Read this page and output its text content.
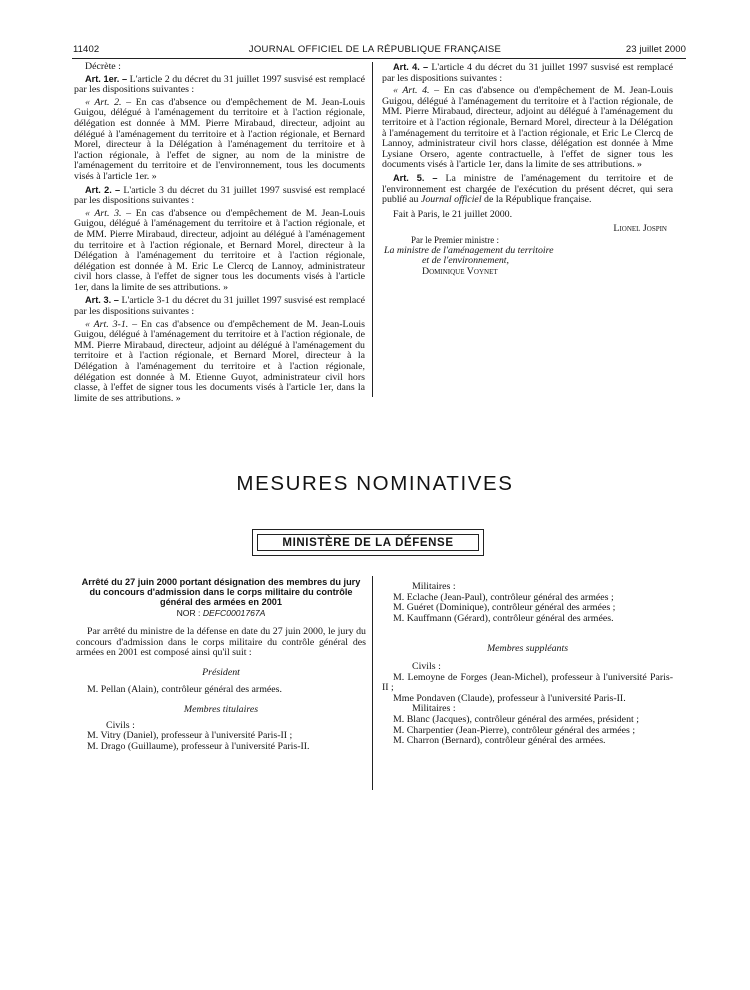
11402	JOURNAL OFFICIEL DE LA RÉPUBLIQUE FRANÇAISE	23 juillet 2000

Décrète :

Art. 1er. – L'article 2 du décret du 31 juillet 1997 susvisé est remplacé par les dispositions suivantes :

« Art. 2. – En cas d'absence ou d'empêchement de M. Jean-Louis Guigou, délégué à l'aménagement du territoire et à l'action régionale, délégation est donnée à MM. Pierre Mirabaud, directeur, adjoint au délégué à l'aménagement du territoire et à l'action régionale, et Bernard Morel, directeur à la Délégation à l'aménagement du territoire et à l'action régionale, à l'effet de signer, au nom de la ministre de l'aménagement du territoire et de l'environnement, tous les documents visés à l'article 1er. »

Art. 2. – L'article 3 du décret du 31 juillet 1997 susvisé est remplacé par les dispositions suivantes :

« Art. 3. – En cas d'absence ou d'empêchement de M. Jean-Louis Guigou, délégué à l'aménagement du territoire et à l'action régionale, et de MM. Pierre Mirabaud, directeur, adjoint au délégué à l'aménagement du territoire et à l'action régionale, et Bernard Morel, directeur à la Délégation à l'aménagement du territoire et à l'action régionale, délégation est donnée à M. Eric Le Clercq de Lannoy, administrateur civil hors classe, à l'effet de signer tous les documents visés à l'article 1er, dans la limite de ses attributions. »

Art. 3. – L'article 3-1 du décret du 31 juillet 1997 susvisé est remplacé par les dispositions suivantes :

« Art. 3-1. – En cas d'absence ou d'empêchement de M. Jean-Louis Guigou, délégué à l'aménagement du territoire et à l'action régionale, de MM. Pierre Mirabaud, directeur, adjoint au délégué à l'aménagement du territoire et à l'action régionale, et Bernard Morel, directeur à la Délégation à l'aménagement du territoire et à l'action régionale, délégation est donnée à M. Etienne Guyot, administrateur civil hors classe, à l'effet de signer tous les documents visés à l'article 1er, dans la limite de ses attributions. »

Art. 4. – L'article 4 du décret du 31 juillet 1997 susvisé est remplacé par les dispositions suivantes :

« Art. 4. – En cas d'absence ou d'empêchement de M. Jean-Louis Guigou, délégué à l'aménagement du territoire et à l'action régionale, de MM. Pierre Mirabaud, directeur, adjoint au délégué à l'aménagement du territoire et à l'action régionale, Bernard Morel, directeur à la Délégation à l'aménagement du territoire et à l'action régionale, et Eric Le Clercq de Lannoy, administrateur civil hors classe, délégation est donnée à Mme Lysiane Orsero, agente contractuelle, à l'effet de signer tous les documents visés à l'article 1er, dans la limite de ses attributions. »

Art. 5. – La ministre de l'aménagement du territoire et de l'environnement est chargée de l'exécution du présent décret, qui sera publié au Journal officiel de la République française.

Fait à Paris, le 21 juillet 2000.

Lionel Jospin

Par le Premier ministre :

La ministre de l'aménagement du territoire

et de l'environnement,

Dominique Voynet

MESURES NOMINATIVES
MINISTÈRE DE LA DÉFENSE

Arrêté du 27 juin 2000 portant désignation des membres du jury du concours d'admission dans le corps militaire du contrôle général des armées en 2001

NOR : DEFC0001767A

Par arrêté du ministre de la défense en date du 27 juin 2000, le jury du concours d'admission dans le corps militaire du contrôle général des armées en 2001 est composé ainsi qu'il suit :

Président

M. Pellan (Alain), contrôleur général des armées.

Membres titulaires

Civils :

M. Vitry (Daniel), professeur à l'université Paris-II ;

M. Drago (Guillaume), professeur à l'université Paris-II.

Militaires :

M. Eclache (Jean-Paul), contrôleur général des armées ;

M. Guéret (Dominique), contrôleur général des armées ;

M. Kauffmann (Gérard), contrôleur général des armées.

Membres suppléants

Civils :

M. Lemoyne de Forges (Jean-Michel), professeur à l'université Paris-II ;

Mme Pondaven (Claude), professeur à l'université Paris-II.

Militaires :

M. Blanc (Jacques), contrôleur général des armées, président ;

M. Charpentier (Jean-Pierre), contrôleur général des armées ;

M. Charron (Bernard), contrôleur général des armées.
